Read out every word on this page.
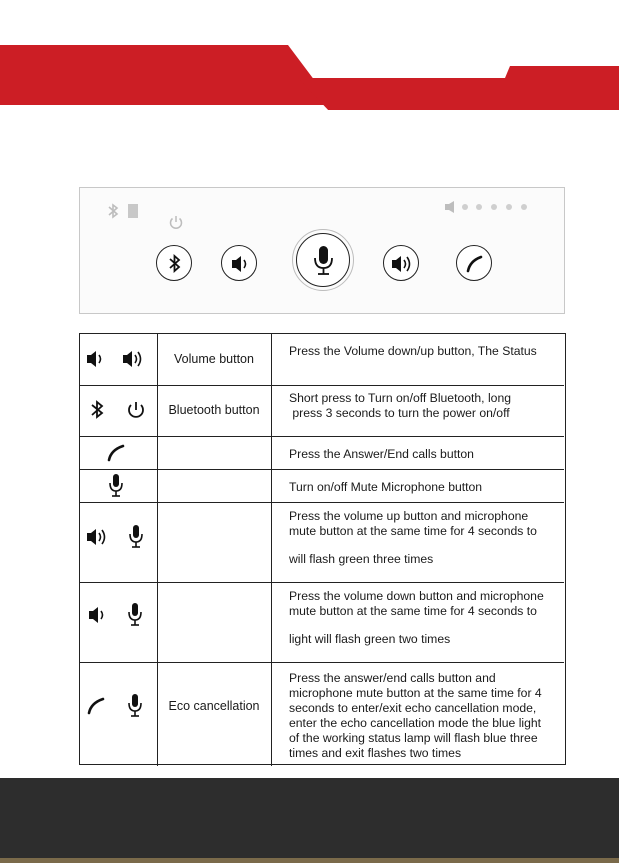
Volume button
Press the Volume down/up button, The Status
Bluetooth button
Short press to Turn on/off Bluetooth, long
press 3 seconds to turn the power on/off
Press the Answer/End calls button
Turn on/off Mute Microphone button
Press the volume up button and microphone
mute button at the same time for 4 seconds to
will flash green three times
Press the volume down button and microphone
mute button at the same time for 4 seconds to
light will flash green two times
Eco cancellation
Press the answer/end calls button and
microphone mute button at the same time for 4
seconds to enter/exit echo cancellation mode,
enter the echo cancellation mode the blue light
of the working status lamp will flash blue three
times and exit flashes two times
